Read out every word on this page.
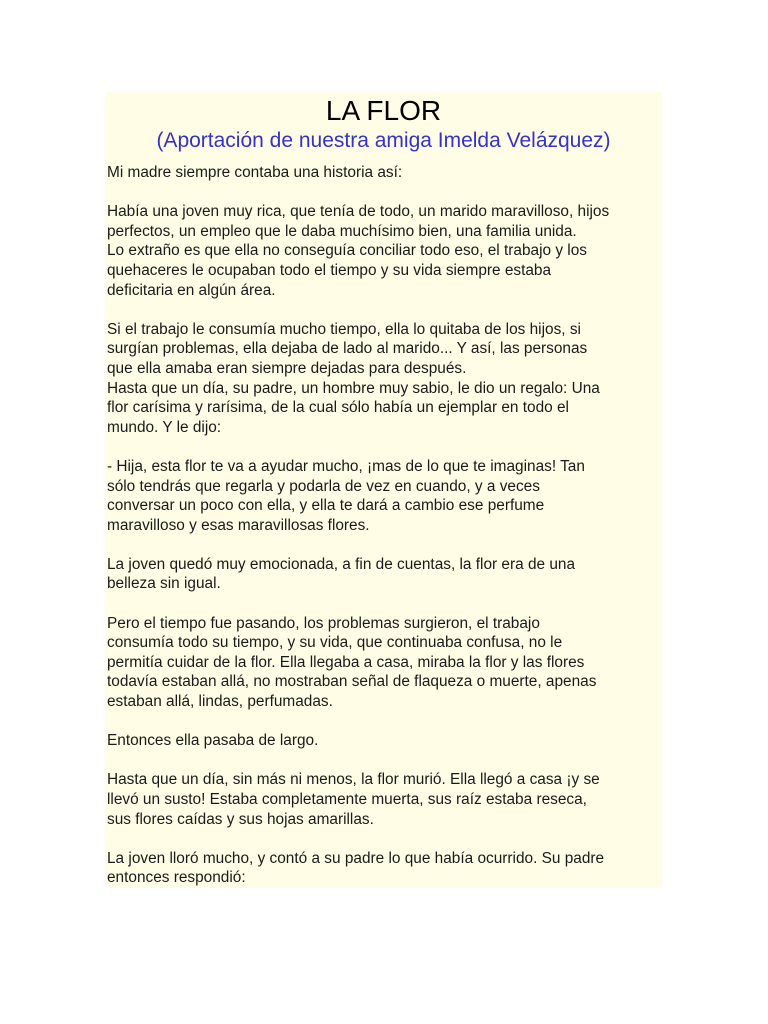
LA FLOR
(Aportación de nuestra amiga Imelda Velázquez)

Mi madre siempre contaba una historia así:

Había una joven muy rica, que tenía de todo, un marido maravilloso, hijos
perfectos, un empleo que le daba muchísimo bien, una familia unida.
Lo extraño es que ella no conseguía conciliar todo eso, el trabajo y los
quehaceres le ocupaban todo el tiempo y su vida siempre estaba
deficitaria en algún área.

Si el trabajo le consumía mucho tiempo, ella lo quitaba de los hijos, si
surgían problemas, ella dejaba de lado al marido... Y así, las personas
que ella amaba eran siempre dejadas para después.
Hasta que un día, su padre, un hombre muy sabio, le dio un regalo: Una
flor carísima y rarísima, de la cual sólo había un ejemplar en todo el
mundo. Y le dijo:

- Hija, esta flor te va a ayudar mucho, ¡mas de lo que te imaginas! Tan
sólo tendrás que regarla y podarla de vez en cuando, y a veces
conversar un poco con ella, y ella te dará a cambio ese perfume
maravilloso y esas maravillosas flores.

La joven quedó muy emocionada, a fin de cuentas, la flor era de una
belleza sin igual.

Pero el tiempo fue pasando, los problemas surgieron, el trabajo
consumía todo su tiempo, y su vida, que continuaba confusa, no le
permitía cuidar de la flor. Ella llegaba a casa, miraba la flor y las flores
todavía estaban allá, no mostraban señal de flaqueza o muerte, apenas
estaban allá, lindas, perfumadas.

Entonces ella pasaba de largo.

Hasta que un día, sin más ni menos, la flor murió. Ella llegó a casa ¡y se
llevó un susto! Estaba completamente muerta, sus raíz estaba reseca,
sus flores caídas y sus hojas amarillas.

La joven lloró mucho, y contó a su padre lo que había ocurrido. Su padre
entonces respondió:
